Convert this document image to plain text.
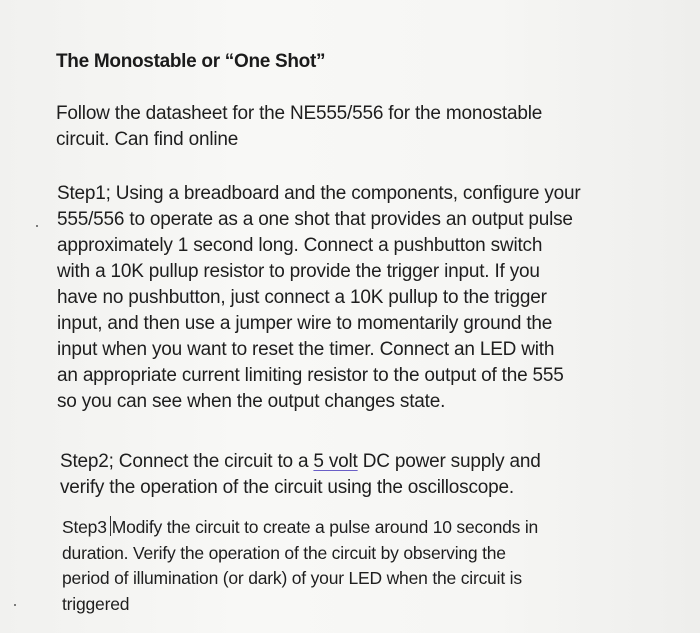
The Monostable or “One Shot”
Follow the datasheet for the NE555/556 for the monostable
circuit. Can find online
Step1; Using a breadboard and the components, configure your
555/556 to operate as a one shot that provides an output pulse
approximately 1 second long. Connect a pushbutton switch
with a 10K pullup resistor to provide the trigger input. If you
have no pushbutton, just connect a 10K pullup to the trigger
input, and then use a jumper wire to momentarily ground the
input when you want to reset the timer. Connect an LED with
an appropriate current limiting resistor to the output of the 555
so you can see when the output changes state.
Step2; Connect the circuit to a 5 volt DC power supply and
verify the operation of the circuit using the oscilloscope.
Step3 Modify the circuit to create a pulse around 10 seconds in
duration. Verify the operation of the circuit by observing the
period of illumination (or dark) of your LED when the circuit is
triggered
